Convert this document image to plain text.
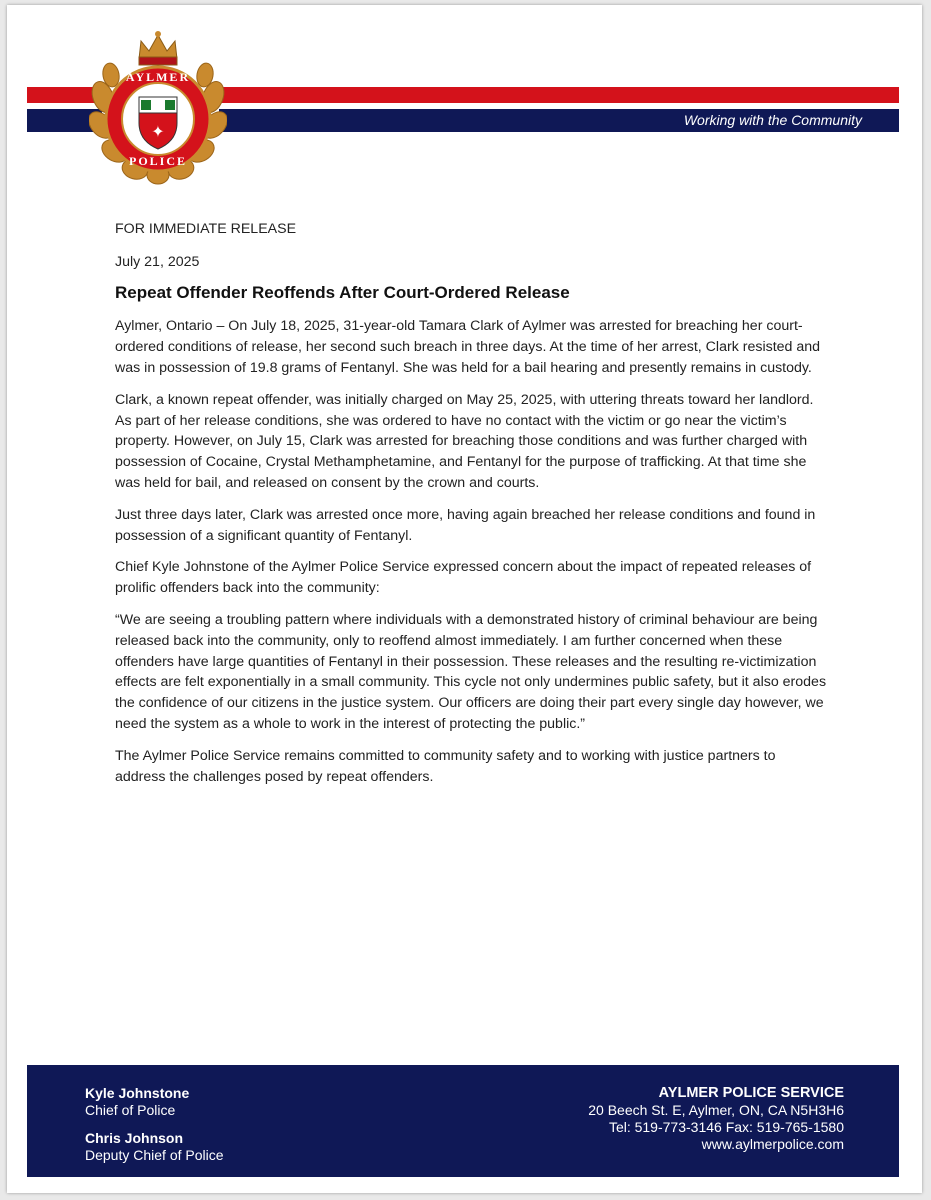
Working with the Community
✦
AYLMER
POLICE

FOR IMMEDIATE RELEASE

July 21, 2025

Repeat Offender Reoffends After Court-Ordered Release

Aylmer, Ontario – On July 18, 2025, 31-year-old Tamara Clark of Aylmer was arrested for breaching her court-ordered conditions of release, her second such breach in three days. At the time of her arrest, Clark resisted and was in possession of 19.8 grams of Fentanyl. She was held for a bail hearing and presently remains in custody.

Clark, a known repeat offender, was initially charged on May 25, 2025, with uttering threats toward her landlord. As part of her release conditions, she was ordered to have no contact with the victim or go near the victim’s property. However, on July 15, Clark was arrested for breaching those conditions and was further charged with possession of Cocaine, Crystal Methamphetamine, and Fentanyl for the purpose of trafficking. At that time she was held for bail, and released on consent by the crown and courts.

Just three days later, Clark was arrested once more, having again breached her release conditions and found in possession of a significant quantity of Fentanyl.

Chief Kyle Johnstone of the Aylmer Police Service expressed concern about the impact of repeated releases of prolific offenders back into the community:

“We are seeing a troubling pattern where individuals with a demonstrated history of criminal behaviour are being released back into the community, only to reoffend almost immediately. I am further concerned when these offenders have large quantities of Fentanyl in their possession. These releases and the resulting re-victimization effects are felt exponentially in a small community. This cycle not only undermines public safety, but it also erodes the confidence of our citizens in the justice system. Our officers are doing their part every single day however, we need the system as a whole to work in the interest of protecting the public.”

The Aylmer Police Service remains committed to community safety and to working with justice partners to address the challenges posed by repeat offenders.

Kyle Johnstone
Chief of Police
Chris Johnson
Deputy Chief of Police
AYLMER POLICE SERVICE
20 Beech St. E, Aylmer, ON, CA N5H3H6
Tel: 519-773-3146 Fax: 519-765-1580
www.aylmerpolice.com
